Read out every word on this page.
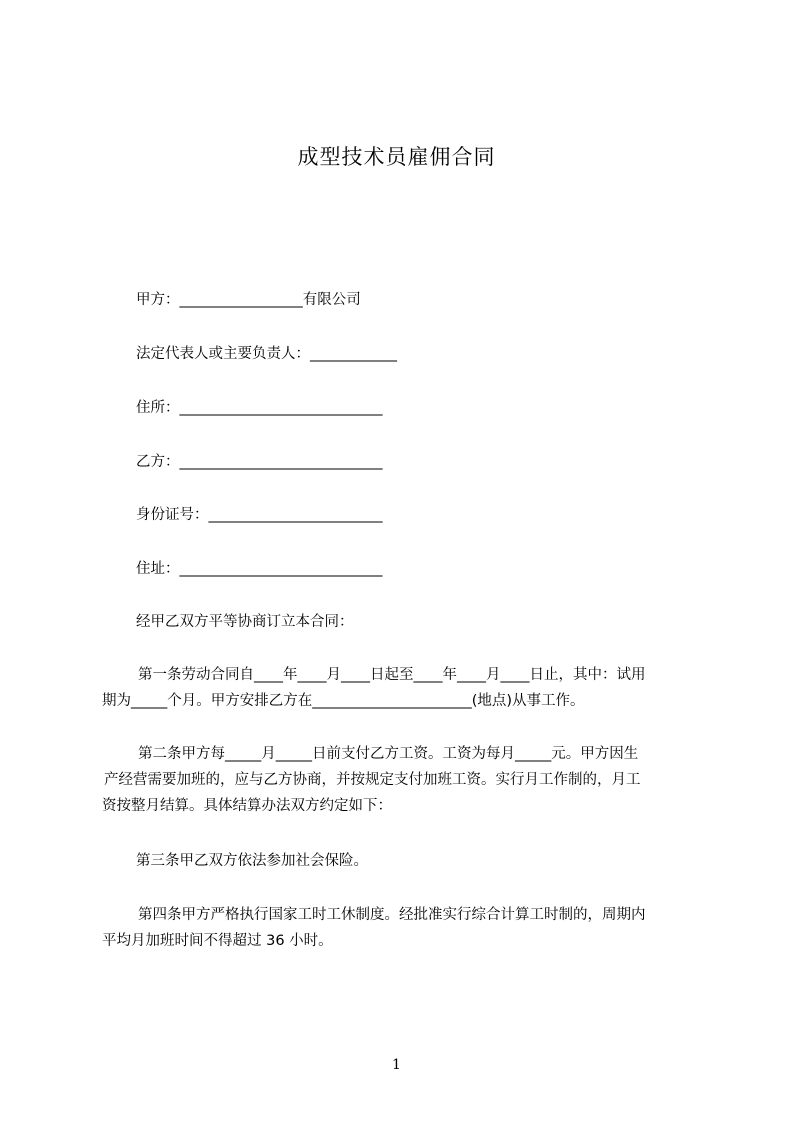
成型技术员雇佣合同
甲方：_________________有限公司
法定代表人或主要负责人：____________
住所：____________________________
乙方：____________________________
身份证号：________________________
住址：____________________________
经甲乙双方平等协商订立本合同：
第一条劳动合同自____年____月____日起至____年____月____日止，其中：试用
期为_____个月。甲方安排乙方在______________________(地点)从事工作。
第二条甲方每_____月_____日前支付乙方工资。工资为每月_____元。甲方因生
产经营需要加班的，应与乙方协商，并按规定支付加班工资。实行月工作制的，月工
资按整月结算。具体结算办法双方约定如下：
第三条甲乙双方依法参加社会保险。
第四条甲方严格执行国家工时工休制度。经批准实行综合计算工时制的，周期内
平均月加班时间不得超过 36 小时。
1
